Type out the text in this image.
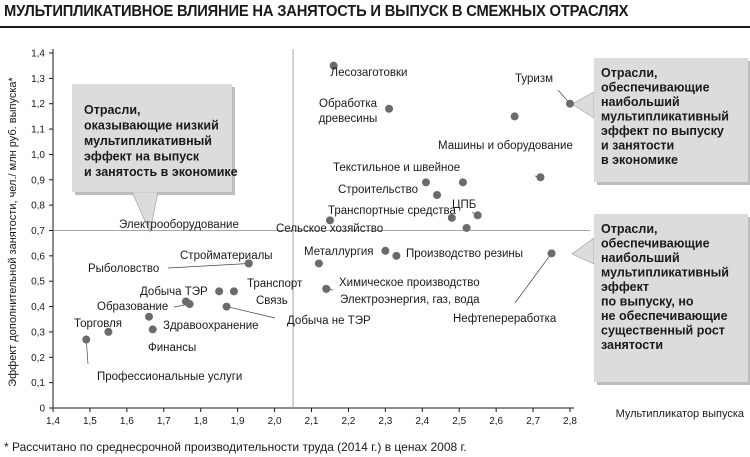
МУЛЬТИПЛИКАТИВНОЕ ВЛИЯНИЕ НА ЗАНЯТОСТЬ И ВЫПУСК В СМЕЖНЫХ ОТРАСЛЯХ
1,4 1,5 1,6 1,7 1,8 1,9 2,0 2,1 2,2 2,3 2,4 2,5 2,6 2,7 2,8
0
0,1
0,2
0,3
0,4
0,5
0,6
0,7
0,8
0,9
1,0
1,1
1,2
1,3
1,4
Отрасли,
оказывающие низкий
мультипликативный
эффект на выпуск
и занятость в экономике
Отрасли,
обеспечивающие
наибольший
мультипликативный
эффект по выпуску
и занятости
в экономике
Отрасли,
обеспечивающие
наибольший
мультипликативный
эффект
по выпуску, но
не обеспечивающие
существенный рост
занятости
Лесозаготовки
Обработка
древесины
Туризм
Машины и оборудование
Текстильное и швейное
Строительство
Транспортные средства
ЦПБ
Сельское хозяйство
Электрооборудование
Производство резины
Нефтепереработка
Металлургия
Стройматериалы
Рыболовство
Химическое производство
Электроэнергия, газ, вода
Транспорт
Добыча ТЭР
Связь
Образование
Добыча не ТЭР
Здравоохранение
Торговля
Финансы
Профессиональные услуги
Мультипликатор выпуска
Эффект дополнительной занятости, чел./ млн руб. выпуска*
* Рассчитано по среднесрочной производительности труда (2014 г.) в ценах 2008 г.
